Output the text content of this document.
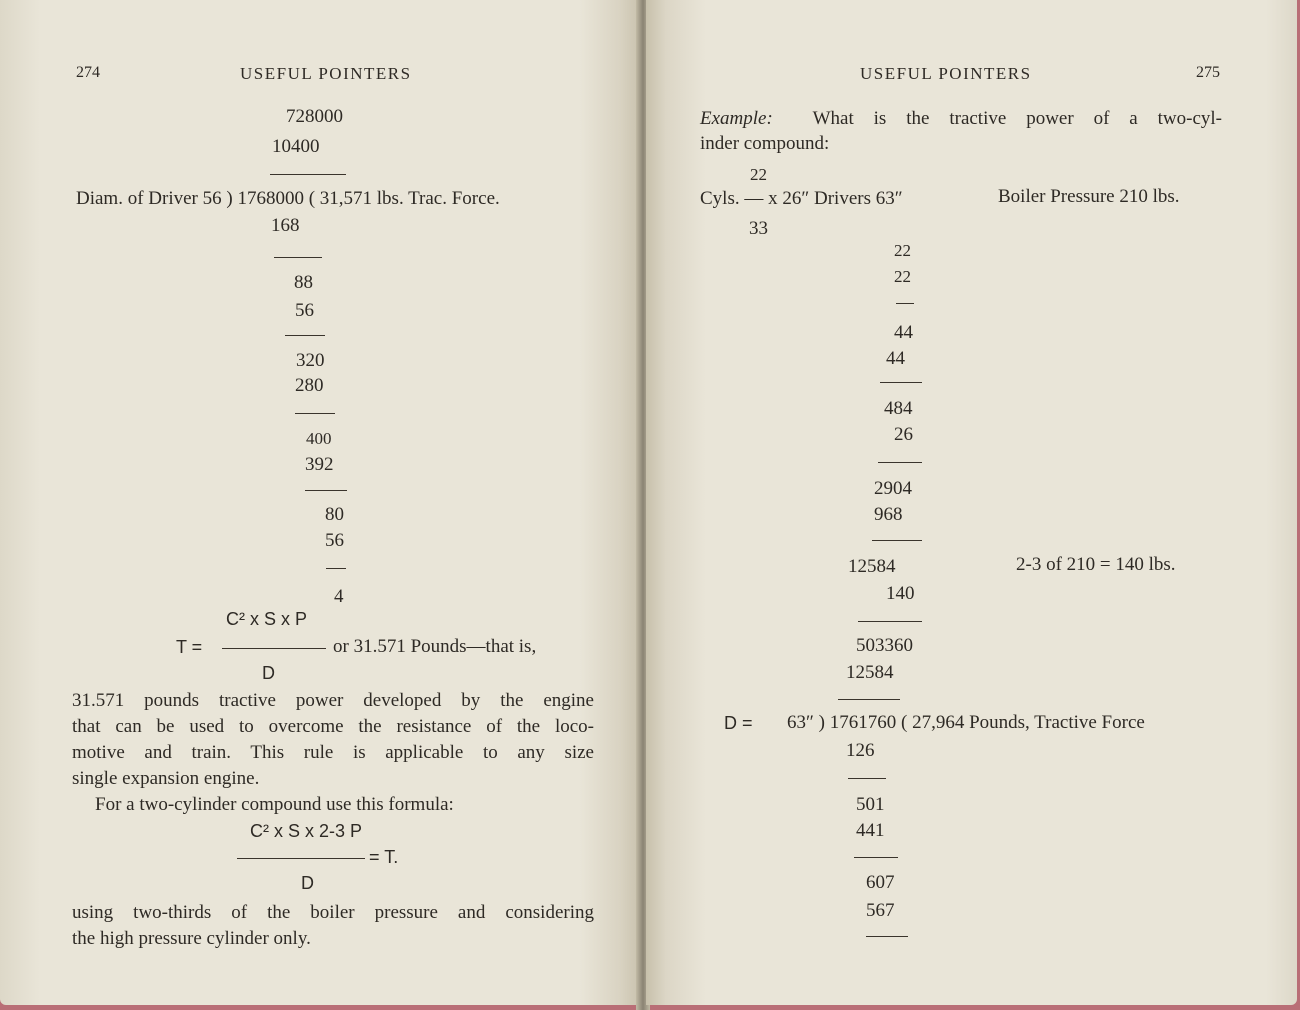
274	USEFUL POINTERS
728000
10400
Diam. of Driver 56 ) 1768000 ( 31,571 lbs. Trac. Force.
168
88
56
320
280
400
392
80
56
4
C² x S x P
T =	or 31.571 Pounds—that is,
D
31.571 pounds tractive power developed by the engine
that can be used to overcome the resistance of the loco-
motive and train. This rule is applicable to any size
single expansion engine.
For a two-cylinder compound use this formula:
C² x S x 2-3 P
= T.
D
using two-thirds of the boiler pressure and considering
the high pressure cylinder only.
USEFUL POINTERS	275
Example: What is the tractive power of a two-cyl-
inder compound:
22
Cyls. — x 26″ Drivers 63″	Boiler Pressure 210 lbs.
33
22
22
44
44
484
26
2904
968
12584	2-3 of 210 = 140 lbs.
140
503360
12584
D = 63″ ) 1761760 ( 27,964 Pounds, Tractive Force
126
501
441
607
567
